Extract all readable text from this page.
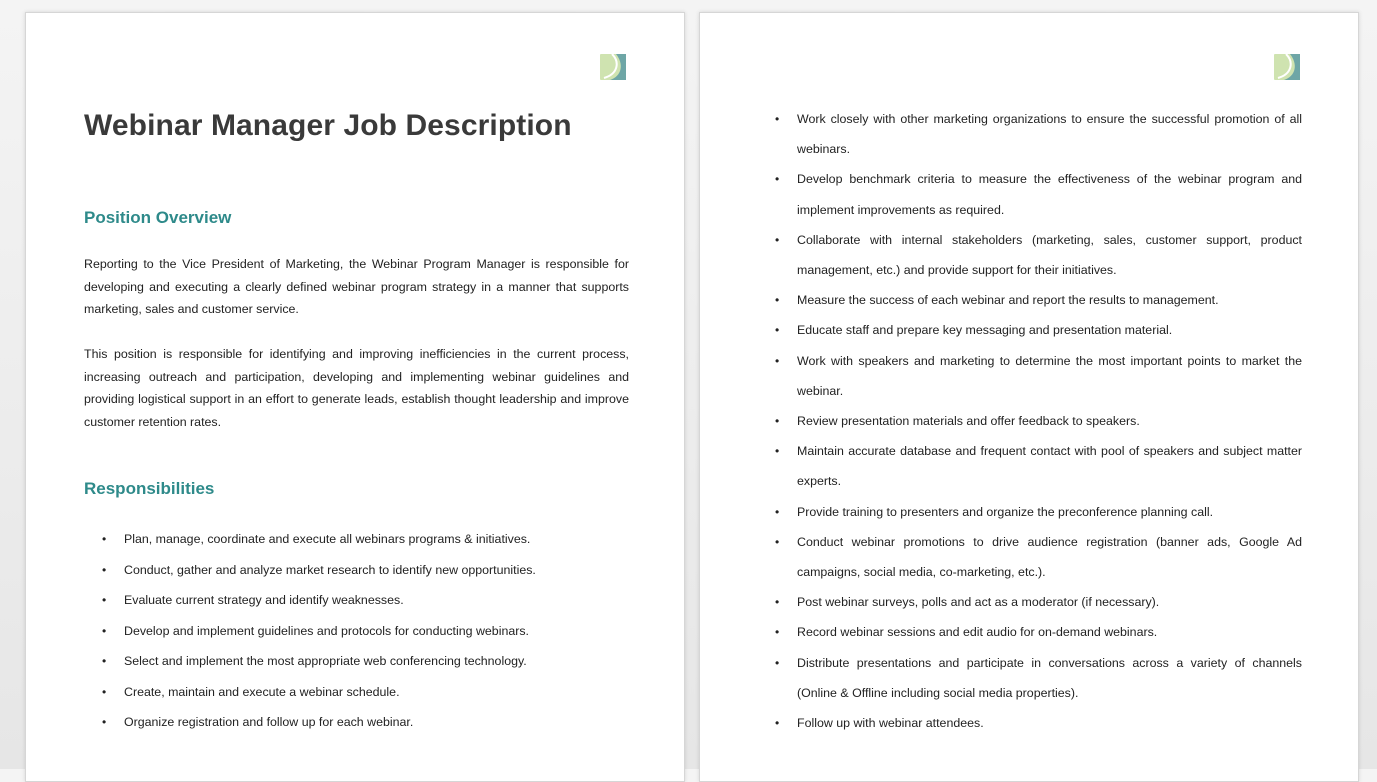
Webinar Manager Job Description
Position Overview

Reporting to the Vice President of Marketing, the Webinar Program Manager is responsible for developing and executing a clearly defined webinar program strategy in a manner that supports marketing, sales and customer service.

This position is responsible for identifying and improving inefficiencies in the current process, increasing outreach and participation, developing and implementing webinar guidelines and providing logistical support in an effort to generate leads, establish thought leadership and improve customer retention rates.

Responsibilities
• Plan, manage, coordinate and execute all webinars programs & initiatives.
• Conduct, gather and analyze market research to identify new opportunities.
• Evaluate current strategy and identify weaknesses.
• Develop and implement guidelines and protocols for conducting webinars.
• Select and implement the most appropriate web conferencing technology.
• Create, maintain and execute a webinar schedule.
• Organize registration and follow up for each webinar.
• Work closely with other marketing organizations to ensure the successful promotion of all webinars.
• Develop benchmark criteria to measure the effectiveness of the webinar program and implement improvements as required.
• Collaborate with internal stakeholders (marketing, sales, customer support, product management, etc.) and provide support for their initiatives.
• Measure the success of each webinar and report the results to management.
• Educate staff and prepare key messaging and presentation material.
• Work with speakers and marketing to determine the most important points to market the webinar.
• Review presentation materials and offer feedback to speakers.
• Maintain accurate database and frequent contact with pool of speakers and subject matter experts.
• Provide training to presenters and organize the preconference planning call.
• Conduct webinar promotions to drive audience registration (banner ads, Google Ad campaigns, social media, co-marketing, etc.).
• Post webinar surveys, polls and act as a moderator (if necessary).
• Record webinar sessions and edit audio for on-demand webinars.
• Distribute presentations and participate in conversations across a variety of channels (Online & Offline including social media properties).
• Follow up with webinar attendees.
